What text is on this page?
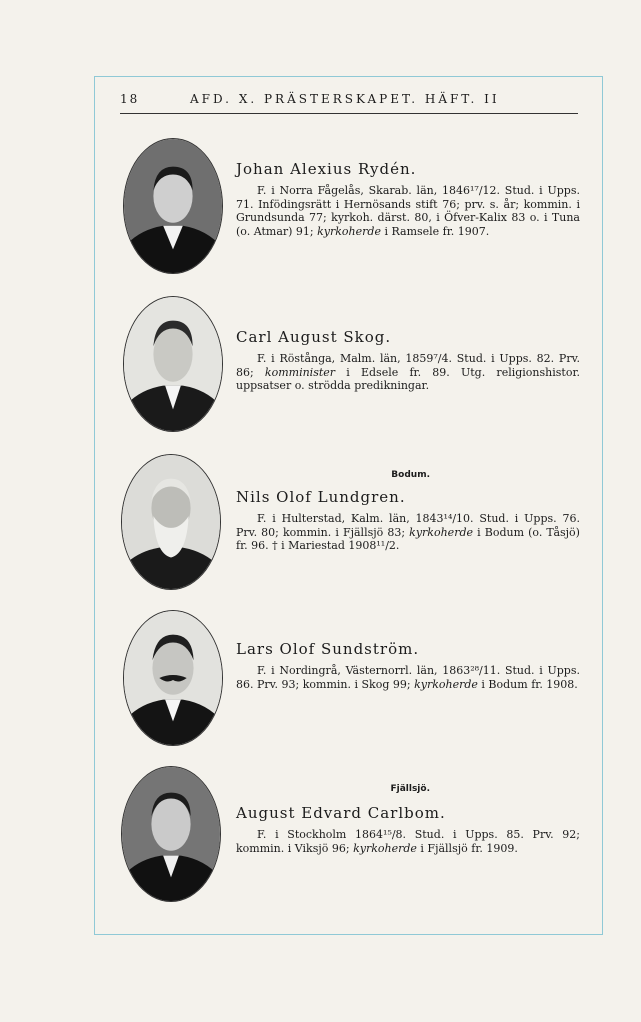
18	AFD. X. PRÄSTERSKAPET. HÄFT. II
Johan Alexius Rydén.

F. i Norra Fågelås, Skarab. län, 1846¹⁷/12. Stud. i Upps. 71. Infödingsrätt i Hernösands stift 76; prv. s. år; kommin. i Grundsunda 77; kyrkoh. därst. 80, i Öfver-Kalix 83 o. i Tuna (o. Atmar) 91; kyrkoherde i Ramsele fr. 1907.

Carl August Skog.

F. i Röstånga, Malm. län, 1859⁷/4. Stud. i Upps. 82. Prv. 86; komminister i Edsele fr. 89. Utg. religionshistor. uppsatser o. strödda predikningar.

Bodum.
Nils Olof Lundgren.

F. i Hulterstad, Kalm. län, 1843¹⁴/10. Stud. i Upps. 76. Prv. 80; kommin. i Fjällsjö 83; kyrkoherde i Bodum (o. Tåsjö) fr. 96. † i Mariestad 1908¹¹/2.

Lars Olof Sundström.

F. i Nordingrå, Västernorrl. län, 1863²⁸/11. Stud. i Upps. 86. Prv. 93; kommin. i Skog 99; kyrkoherde i Bodum fr. 1908.

Fjällsjö.
August Edvard Carlbom.

F. i Stockholm 1864¹⁵/8. Stud. i Upps. 85. Prv. 92; kommin. i Viksjö 96; kyrkoherde i Fjällsjö fr. 1909.
